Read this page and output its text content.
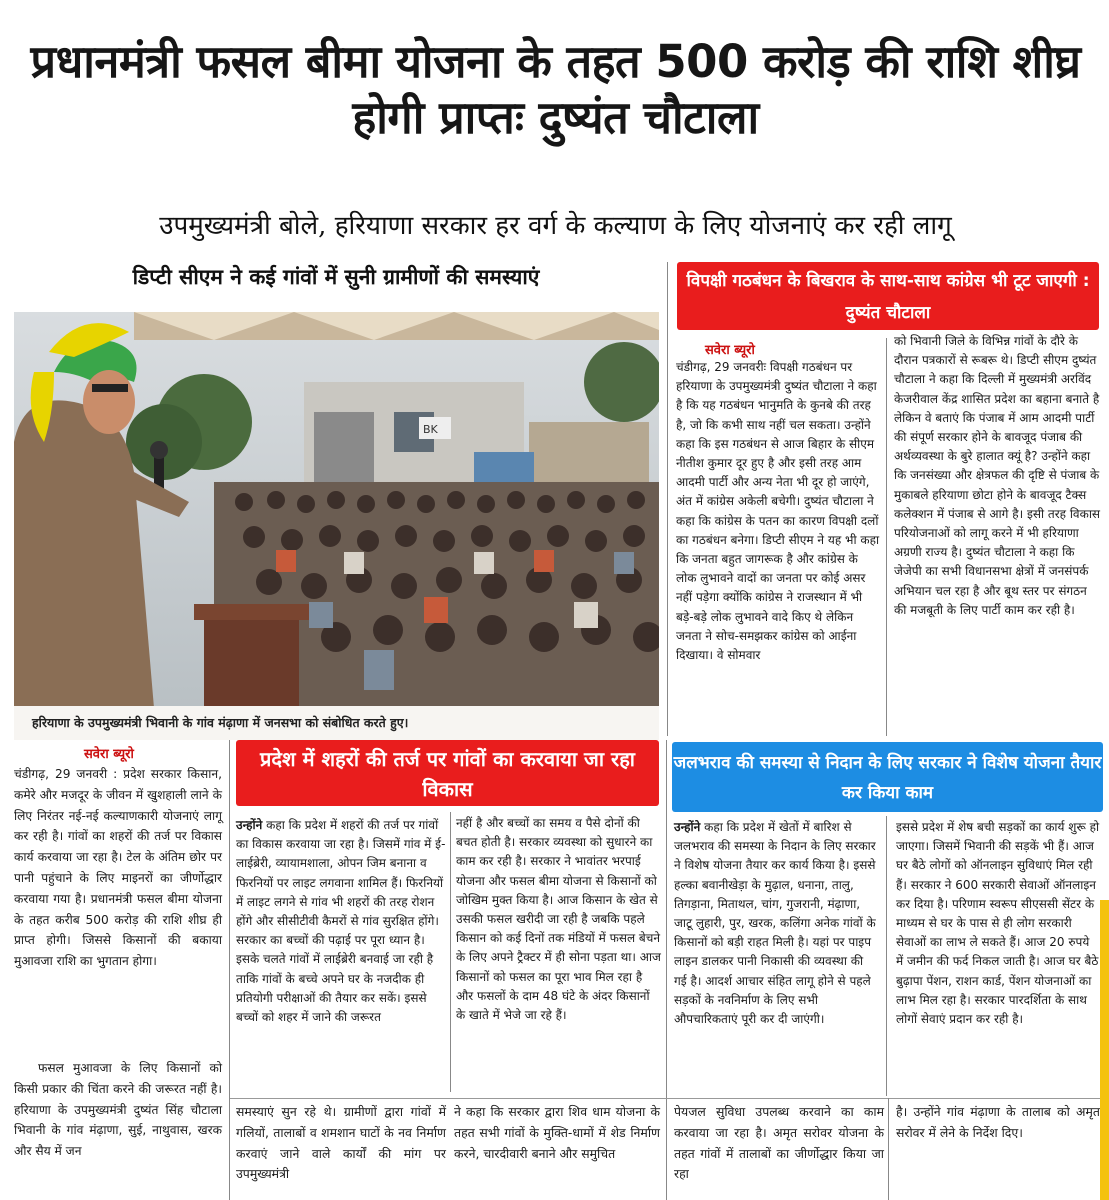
प्रधानमंत्री फसल बीमा योजना के तहत 500 करोड़ की राशि शीघ्र होगी प्राप्तः दुष्यंत चौटाला
उपमुख्यमंत्री बोले, हरियाणा सरकार हर वर्ग के कल्याण के लिए योजनाएं कर रही लागू
डिप्टी सीएम ने कई गांवों में सुनी ग्रामीणों की समस्याएं
BK
हरियाणा के उपमुख्यमंत्री भिवानी के गांव मंढ़ाणा में जनसभा को संबोधित करते हुए।
विपक्षी गठबंधन के बिखराव के साथ-साथ कांग्रेस भी टूट जाएगी : दुष्यंत चौटाला
सवेरा ब्यूरो
चंडीगढ़, 29 जनवरीः विपक्षी गठबंधन पर हरियाणा के उपमुख्यमंत्री दुष्यंत चौटाला ने कहा है कि यह गठबंधन भानुमति के कुनबे की तरह है, जो कि कभी साथ नहीं चल सकता। उन्होंने कहा कि इस गठबंधन से आज बिहार के सीएम नीतीश कुमार दूर हुए है और इसी तरह आम आदमी पार्टी और अन्य नेता भी दूर हो जाएंगे, अंत में कांग्रेस अकेली बचेगी। दुष्यंत चौटाला ने कहा कि कांग्रेस के पतन का कारण विपक्षी दलों का गठबंधन बनेगा। डिप्टी सीएम ने यह भी कहा कि जनता बहुत जागरूक है और कांग्रेस के लोक लुभावने वादों का जनता पर कोई असर नहीं पड़ेगा क्योंकि कांग्रेस ने राजस्थान में भी बड़े-बड़े लोक लुभावने वादे किए थे लेकिन जनता ने सोच-समझकर कांग्रेस को आईना दिखाया। वे सोमवार
को भिवानी जिले के विभिन्न गांवों के दौरे के दौरान पत्रकारों से रूबरू थे। डिप्टी सीएम दुष्यंत चौटाला ने कहा कि दिल्ली में मुख्यमंत्री अरविंद केजरीवाल केंद्र शासित प्रदेश का बहाना बनाते है लेकिन वे बताएं कि पंजाब में आम आदमी पार्टी की संपूर्ण सरकार होने के बावजूद पंजाब की अर्थव्यवस्था के बुरे हालात क्यूं है? उन्होंने कहा कि जनसंख्या और क्षेत्रफल की दृष्टि से पंजाब के मुकाबले हरियाणा छोटा होने के बावजूद टैक्स कलेक्शन में पंजाब से आगे है। इसी तरह विकास परियोजनाओं को लागू करने में भी हरियाणा अग्रणी राज्य है। दुष्यंत चौटाला ने कहा कि जेजेपी का सभी विधानसभा क्षेत्रों में जनसंपर्क अभियान चल रहा है और बूथ स्तर पर संगठन की मजबूती के लिए पार्टी काम कर रही है।
सवेरा ब्यूरो
चंडीगढ़, 29 जनवरी : प्रदेश सरकार किसान, कमेरे और मजदूर के जीवन में खुशहाली लाने के लिए निरंतर नई-नई कल्याणकारी योजनाएं लागू कर रही है। गांवों का शहरों की तर्ज पर विकास कार्य करवाया जा रहा है। टेल के अंतिम छोर पर पानी पहुंचाने के लिए माइनरों का जीर्णोद्धार करवाया गया है। प्रधानमंत्री फसल बीमा योजना के तहत करीब 500 करोड़ की राशि शीघ्र ही प्राप्त होगी। जिससे किसानों की बकाया मुआवजा राशि का भुगतान होगा।
फसल मुआवजा के लिए किसानों को किसी प्रकार की चिंता करने की जरूरत नहीं है। हरियाणा के उपमुख्यमंत्री दुष्यंत सिंह चौटाला भिवानी के गांव मंढ़ाणा, सुई, नाथुवास, खरक और सैय में जन
प्रदेश में शहरों की तर्ज पर गांवों का करवाया जा रहा विकास
उन्होंने कहा कि प्रदेश में शहरों की तर्ज पर गांवों का विकास करवाया जा रहा है। जिसमें गांव में ई-लाईब्रेरी, व्यायामशाला, ओपन जिम बनाना व फिरनियों पर लाइट लगवाना शामिल हैं। फिरनियों में लाइट लगने से गांव भी शहरों की तरह रोशन होंगे और सीसीटीवी कैमरों से गांव सुरक्षित होंगे। सरकार का बच्चों की पढ़ाई पर पूरा ध्यान है। इसके चलते गांवों में लाईब्रेरी बनवाई जा रही है ताकि गांवों के बच्चे अपने घर के नजदीक ही प्रतियोगी परीक्षाओं की तैयार कर सकें। इससे बच्चों को शहर में जाने की जरूरत
नहीं है और बच्चों का समय व पैसे दोनों की बचत होती है। सरकार व्यवस्था को सुधारने का काम कर रही है। सरकार ने भावांतर भरपाई योजना और फसल बीमा योजना से किसानों को जोखिम मुक्त किया है। आज किसान के खेत से उसकी फसल खरीदी जा रही है जबकि पहले किसान को कई दिनों तक मंडियों में फसल बेचने के लिए अपने ट्रैक्टर में ही सोना पड़ता था। आज किसानों को फसल का पूरा भाव मिल रहा है और फसलों के दाम 48 घंटे के अंदर किसानों के खाते में भेजे जा रहे हैं।
जलभराव की समस्या से निदान के लिए सरकार ने विशेष योजना तैयार कर किया काम
उन्होंने कहा कि प्रदेश में खेतों में बारिश से जलभराव की समस्या के निदान के लिए सरकार ने विशेष योजना तैयार कर कार्य किया है। इससे हल्का बवानीखेड़ा के मुढ़ाल, धनाना, तालु, तिगड़ाना, मिताथल, चांग, गुजरानी, मंढ़ाणा, जाटू लुहारी, पुर, खरक, कलिंगा अनेक गांवों के किसानों को बड़ी राहत मिली है। यहां पर पाइप लाइन डालकर पानी निकासी की व्यवस्था की गई है। आदर्श आचार संहित लागू होने से पहले सड़कों के नवनिर्माण के लिए सभी औपचारिकताएं पूरी कर दी जाएंगी।
इससे प्रदेश में शेष बची सड़कों का कार्य शुरू हो जाएगा। जिसमें भिवानी की सड़कें भी हैं। आज घर बैठे लोगों को ऑनलाइन सुविधाएं मिल रही हैं। सरकार ने 600 सरकारी सेवाओं ऑनलाइन कर दिया है। परिणाम स्वरूप सीएससी सेंटर के माध्यम से घर के पास से ही लोग सरकारी सेवाओं का लाभ ले सकते हैं। आज 20 रुपये में जमीन की फर्द निकल जाती है। आज घर बैठे बुढ़ापा पेंशन, राशन कार्ड, पेंशन योजनाओं का लाभ मिल रहा है। सरकार पारदर्शिता के साथ लोगों सेवाएं प्रदान कर रही है।
समस्याएं सुन रहे थे। ग्रामीणों द्वारा गांवों में गलियों, तालाबों व शमशान घाटों के नव निर्माण करवाएं जाने वाले कार्यों की मांग पर उपमुख्यमंत्री
ने कहा कि सरकार द्वारा शिव धाम योजना के तहत सभी गांवों के मुक्ति-धामों में शेड निर्माण करने, चारदीवारी बनाने और समुचित
पेयजल सुविधा उपलब्ध करवाने का काम करवाया जा रहा है। अमृत सरोवर योजना के तहत गांवों में तालाबों का जीर्णोद्धार किया जा रहा
है। उन्होंने गांव मंढ़ाणा के तालाब को अमृत सरोवर में लेने के निर्देश दिए।
